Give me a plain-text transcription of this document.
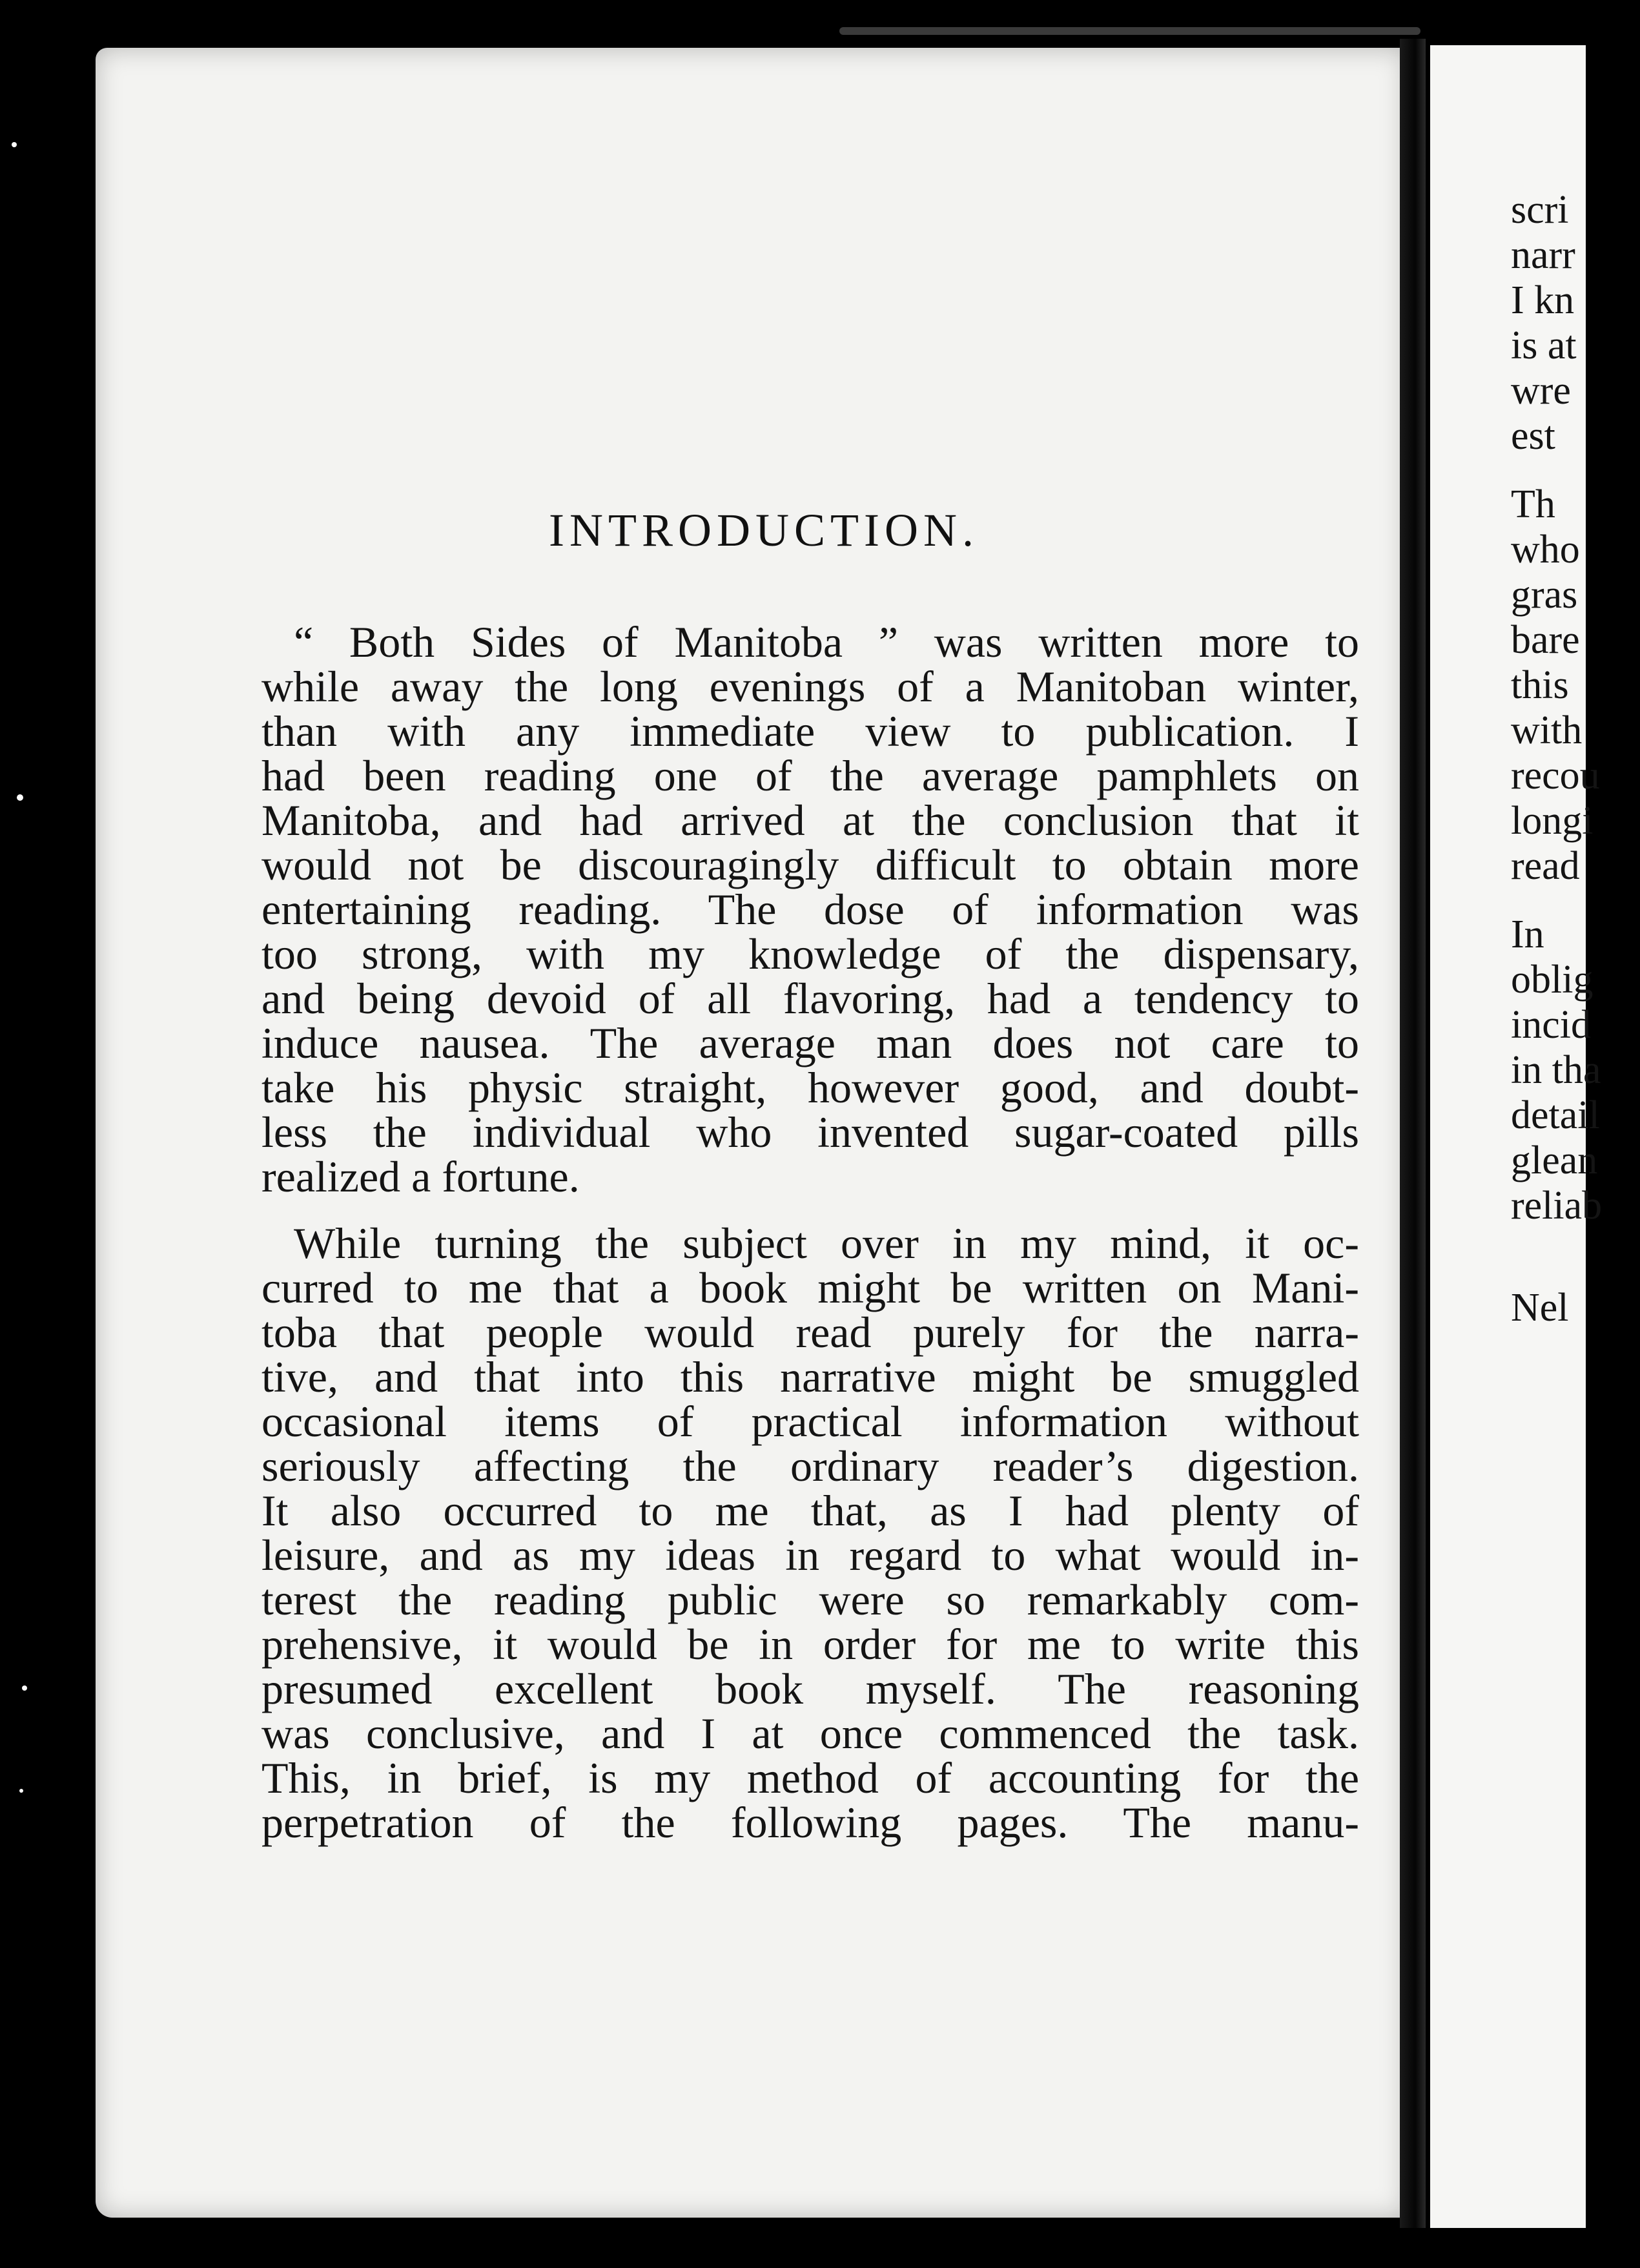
INTRODUCTION.
“ Both Sides of Manitoba ” was written more to
while away the long evenings of a Manitoban winter,
than with any immediate view to publication. I
had been reading one of the average pamphlets on
Manitoba, and had arrived at the conclusion that it
would not be discouragingly difficult to obtain more
entertaining reading. The dose of information was
too strong, with my knowledge of the dispensary,
and being devoid of all flavoring, had a tendency to
induce nausea. The average man does not care to
take his physic straight, however good, and doubt-
less the individual who invented sugar-coated pills
realized a fortune.
While turning the subject over in my mind, it oc-
curred to me that a book might be written on Mani-
toba that people would read purely for the narra-
tive, and that into this narrative might be smuggled
occasional items of practical information without
seriously affecting the ordinary reader’s digestion.
It also occurred to me that, as I had plenty of
leisure, and as my ideas in regard to what would in-
terest the reading public were so remarkably com-
prehensive, it would be in order for me to write this
presumed excellent book myself. The reasoning
was conclusive, and I at once commenced the task.
This, in brief, is my method of accounting for the
perpetration of the following pages. The manu-
scri
narr
I kn
is at
wre
est
Th
who
gras
bare
this
with
recou
longi
read
In
oblig
incid
in tha
detail
glean
reliab
Nel
